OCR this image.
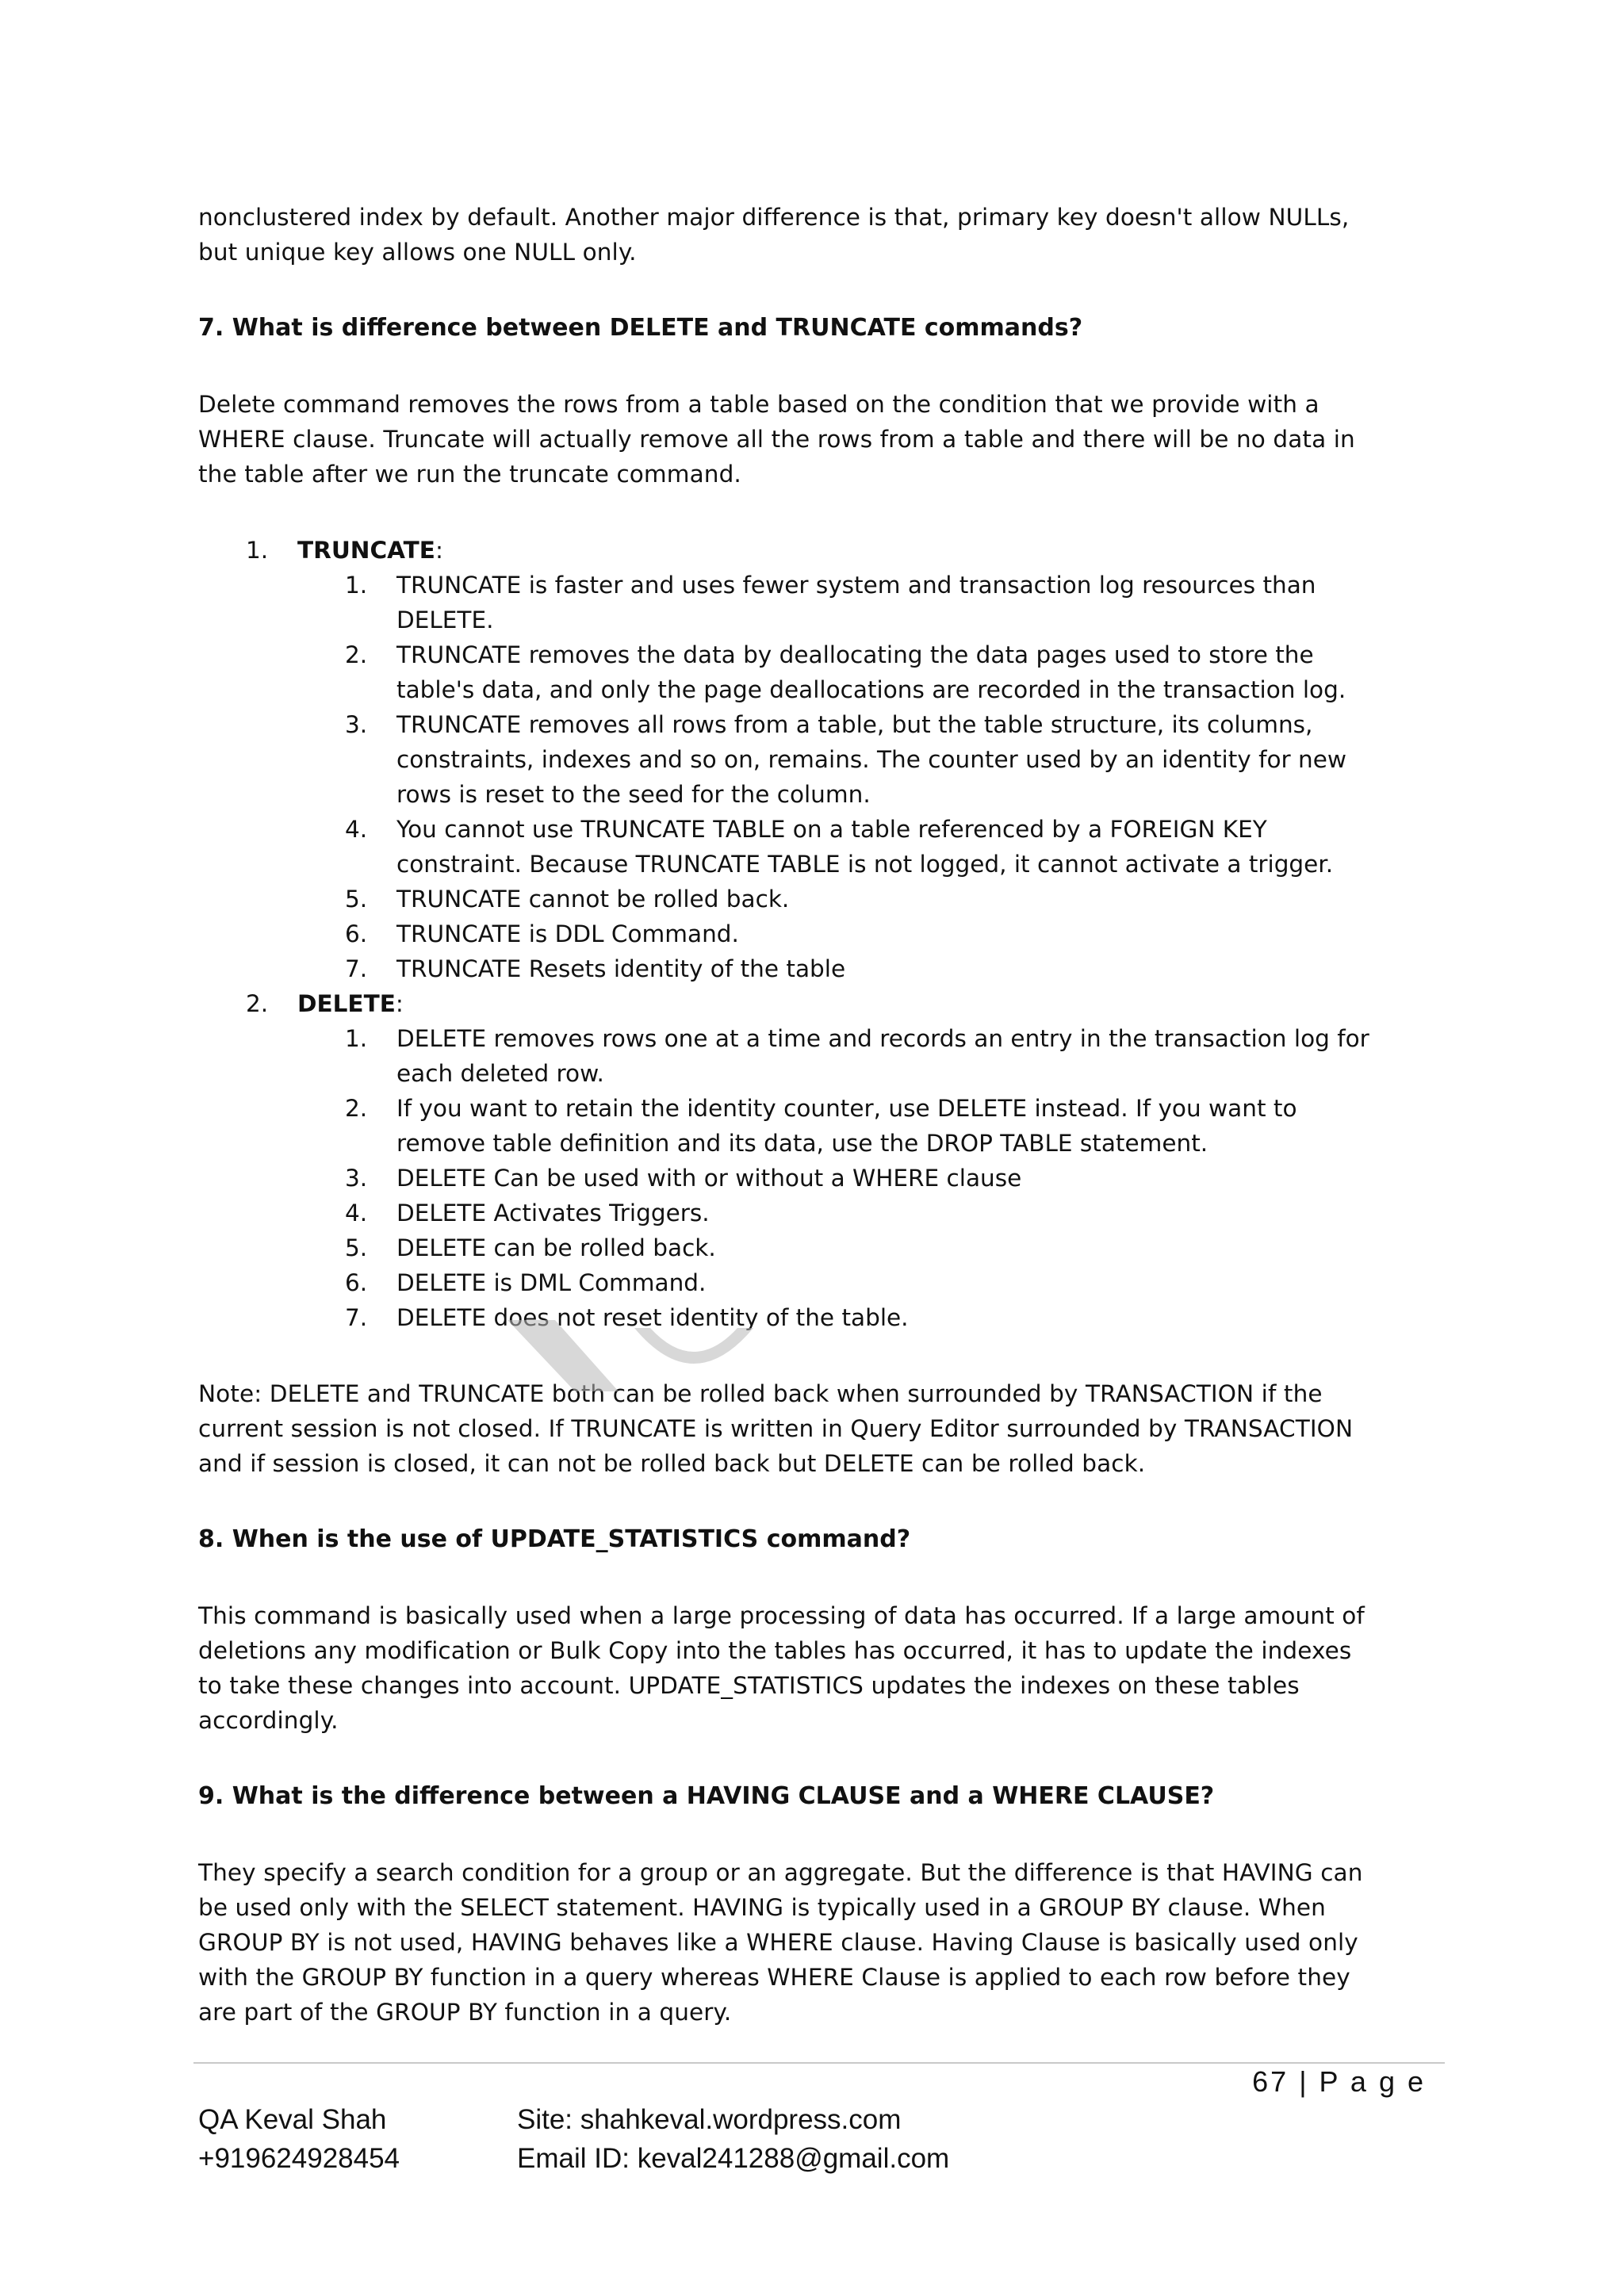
nonclustered index by default. Another major difference is that, primary key doesn't allow NULLs,
but unique key allows one NULL only.

7. What is difference between DELETE and TRUNCATE commands?

Delete command removes the rows from a table based on the condition that we provide with a
WHERE clause. Truncate will actually remove all the rows from a table and there will be no data in
the table after we run the truncate command.

1. TRUNCATE:
1. TRUNCATE is faster and uses fewer system and transaction log resources than
DELETE.
2. TRUNCATE removes the data by deallocating the data pages used to store the
table's data, and only the page deallocations are recorded in the transaction log.
3. TRUNCATE removes all rows from a table, but the table structure, its columns,
constraints, indexes and so on, remains. The counter used by an identity for new
rows is reset to the seed for the column.
4. You cannot use TRUNCATE TABLE on a table referenced by a FOREIGN KEY
constraint. Because TRUNCATE TABLE is not logged, it cannot activate a trigger.
5. TRUNCATE cannot be rolled back.
6. TRUNCATE is DDL Command.
7. TRUNCATE Resets identity of the table
2. DELETE:
1. DELETE removes rows one at a time and records an entry in the transaction log for
each deleted row.
2. If you want to retain the identity counter, use DELETE instead. If you want to
remove table definition and its data, use the DROP TABLE statement.
3. DELETE Can be used with or without a WHERE clause
4. DELETE Activates Triggers.
5. DELETE can be rolled back.
6. DELETE is DML Command.
7. DELETE does not reset identity of the table.

Note: DELETE and TRUNCATE both can be rolled back when surrounded by TRANSACTION if the
current session is not closed. If TRUNCATE is written in Query Editor surrounded by TRANSACTION
and if session is closed, it can not be rolled back but DELETE can be rolled back.

8. When is the use of UPDATE_STATISTICS command?

This command is basically used when a large processing of data has occurred. If a large amount of
deletions any modification or Bulk Copy into the tables has occurred, it has to update the indexes
to take these changes into account. UPDATE_STATISTICS updates the indexes on these tables
accordingly.

9. What is the difference between a HAVING CLAUSE and a WHERE CLAUSE?

They specify a search condition for a group or an aggregate. But the difference is that HAVING can
be used only with the SELECT statement. HAVING is typically used in a GROUP BY clause. When
GROUP BY is not used, HAVING behaves like a WHERE clause. Having Clause is basically used only
with the GROUP BY function in a query whereas WHERE Clause is applied to each row before they
are part of the GROUP BY function in a query.

67 | P a g e
QA Keval Shah
+919624928454
Site: shahkeval.wordpress.com
Email ID: keval241288@gmail.com
